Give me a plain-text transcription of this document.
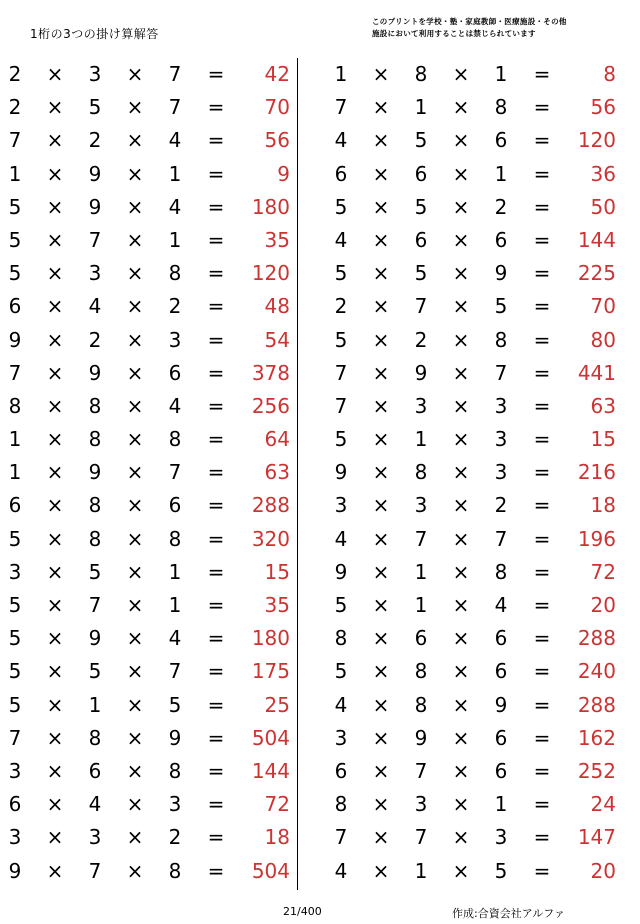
1桁の3つの掛け算解答
このプリントを学校・塾・家庭教師・医療施設・その他
施設において利用することは禁じられています
2 × 3 × 7 =	42
2 × 5 × 7 =	70
7 × 2 × 4 =	56
1 × 9 × 1 =	9
5 × 9 × 4 =	180
5 × 7 × 1 =	35
5 × 3 × 8 =	120
6 × 4 × 2 =	48
9 × 2 × 3 =	54
7 × 9 × 6 =	378
8 × 8 × 4 =	256
1 × 8 × 8 =	64
1 × 9 × 7 =	63
6 × 8 × 6 =	288
5 × 8 × 8 =	320
3 × 5 × 1 =	15
5 × 7 × 1 =	35
5 × 9 × 4 =	180
5 × 5 × 7 =	175
5 × 1 × 5 =	25
7 × 8 × 9 =	504
3 × 6 × 8 =	144
6 × 4 × 3 =	72
3 × 3 × 2 =	18
9 × 7 × 8 =	504
1 × 8 × 1 =	8
7 × 1 × 8 =	56
4 × 5 × 6 =	120
6 × 6 × 1 =	36
5 × 5 × 2 =	50
4 × 6 × 6 =	144
5 × 5 × 9 =	225
2 × 7 × 5 =	70
5 × 2 × 8 =	80
7 × 9 × 7 =	441
7 × 3 × 3 =	63
5 × 1 × 3 =	15
9 × 8 × 3 =	216
3 × 3 × 2 =	18
4 × 7 × 7 =	196
9 × 1 × 8 =	72
5 × 1 × 4 =	20
8 × 6 × 6 =	288
5 × 8 × 6 =	240
4 × 8 × 9 =	288
3 × 9 × 6 =	162
6 × 7 × 6 =	252
8 × 3 × 1 =	24
7 × 7 × 3 =	147
4 × 1 × 5 =	20
21/400	作成:合資会社アルファ
